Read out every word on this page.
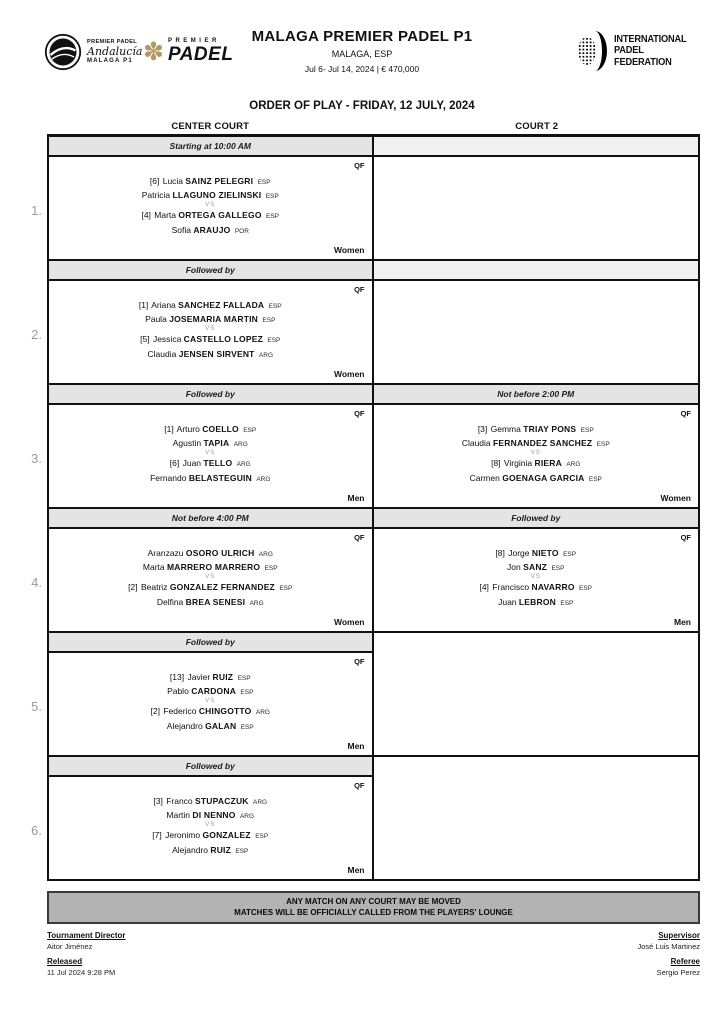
PREMIER PADEL
Andalucía
MALAGA P1 ✽ PREMIER
PADEL
MALAGA PREMIER PADEL P1
MALAGA, ESP
Jul 6- Jul 14, 2024 | € 470,000
INTERNATIONAL
PADEL
FEDERATION
ORDER OF PLAY - FRIDAY, 12 JULY, 2024
CENTER COURT	COURT 2
1.
Starting at 10:00 AM
QF
[6] Lucia SAINZ PELEGRI ESP
Patricia LLAGUNO ZIELINSKI ESP
VS
[4] Marta ORTEGA GALLEGO ESP
Sofia ARAUJO POR
Women
2.
Followed by
QF
[1] Ariana SANCHEZ FALLADA ESP
Paula JOSEMARIA MARTIN ESP
VS
[5] Jessica CASTELLO LOPEZ ESP
Claudia JENSEN SIRVENT ARG
Women
3.
Followed by
QF
[1] Arturo COELLO ESP
Agustin TAPIA ARG
VS
[6] Juan TELLO ARG
Fernando BELASTEGUIN ARG
Men
Not before 2:00 PM
QF
[3] Gemma TRIAY PONS ESP
Claudia FERNANDEZ SANCHEZ ESP
VS
[8] Virginia RIERA ARG
Carmen GOENAGA GARCIA ESP
Women
4.
Not before 4:00 PM
QF
Aranzazu OSORO ULRICH ARG
Marta MARRERO MARRERO ESP
VS
[2] Beatriz GONZALEZ FERNANDEZ ESP
Delfina BREA SENESI ARG
Women
Followed by
QF
[8] Jorge NIETO ESP
Jon SANZ ESP
VS
[4] Francisco NAVARRO ESP
Juan LEBRON ESP
Men
5.
Followed by
QF
[13] Javier RUIZ ESP
Pablo CARDONA ESP
VS
[2] Federico CHINGOTTO ARG
Alejandro GALAN ESP
Men
6.
Followed by
QF
[3] Franco STUPACZUK ARG
Martin DI NENNO ARG
VS
[7] Jeronimo GONZALEZ ESP
Alejandro RUIZ ESP
Men
ANY MATCH ON ANY COURT MAY BE MOVED
MATCHES WILL BE OFFICIALLY CALLED FROM THE PLAYERS' LOUNGE
Tournament Director
Aitor Jiménez
Released
11 Jul 2024 9:28 PM
Supervisor
José Luis Martinez
Referee
Sergio Perez
